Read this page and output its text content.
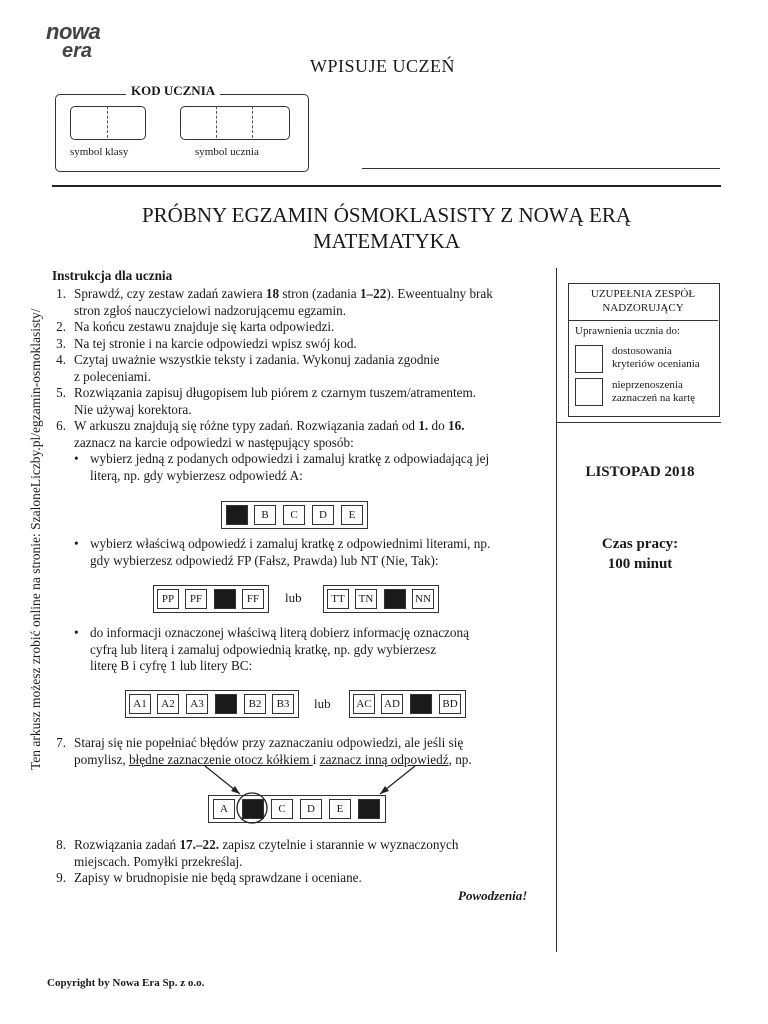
nowa
era
WPISUJE UCZEŃ
KOD UCZNIA
symbol klasy	symbol ucznia
PRÓBNY EGZAMIN ÓSMOKLASISTY Z NOWĄ ERĄ
MATEMATYKA
Ten arkusz możesz zrobić online na stronie: SzaloneLiczby.pl/egzamin-osmoklasisty/
UZUPEŁNIA ZESPÓŁ
NADZORUJĄCY
Uprawnienia ucznia do:
dostosowania
kryteriów oceniania
nieprzenoszenia
zaznaczeń na kartę
LISTOPAD 2018
Czas pracy:
100 minut
Instrukcja dla ucznia
1. Sprawdź, czy zestaw zadań zawiera 18 stron (zadania 1–22). Eweentualny brak
stron zgłoś nauczycielowi nadzorującemu egzamin.
2. Na końcu zestawu znajduje się karta odpowiedzi.
3. Na tej stronie i na karcie odpowiedzi wpisz swój kod.
4. Czytaj uważnie wszystkie teksty i zadania. Wykonuj zadania zgodnie
z poleceniami.
5. Rozwiązania zapisuj długopisem lub piórem z czarnym tuszem/atramentem.
Nie używaj korektora.
6. W arkuszu znajdują się różne typy zadań. Rozwiązania zadań od 1. do 16.
zaznacz na karcie odpowiedzi w następujący sposób:
• wybierz jedną z podanych odpowiedzi i zamaluj kratkę z odpowiadającą jej
literą, np. gdy wybierzesz odpowiedź A:
• wybierz właściwą odpowiedź i zamaluj kratkę z odpowiednimi literami, np.
gdy wybierzesz odpowiedź FP (Fałsz, Prawda) lub NT (Nie, Tak):
• do informacji oznaczonej właściwą literą dobierz informację oznaczoną
cyfrą lub literą i zamaluj odpowiednią kratkę, np. gdy wybierzesz
literę B i cyfrę 1 lub litery BC:
7. Staraj się nie popełniać błędów przy zaznaczaniu odpowiedzi, ale jeśli się
pomylisz, błędne zaznaczenie otocz kółkiem i zaznacz inną odpowiedź, np.
8. Rozwiązania zadań 17.–22. zapisz czytelnie i starannie w wyznaczonych
miejscach. Pomyłki przekreślaj.
9. Zapisy w brudnopisie nie będą sprawdzane i oceniane.
B	C	D	E
PP	PF	FF	lub	TT	TN	NN
A1	A2	A3	B2	B3	lub	AC	AD	BD
A	C	D	E
Powodzenia!
Copyright by Nowa Era Sp. z o.o.
